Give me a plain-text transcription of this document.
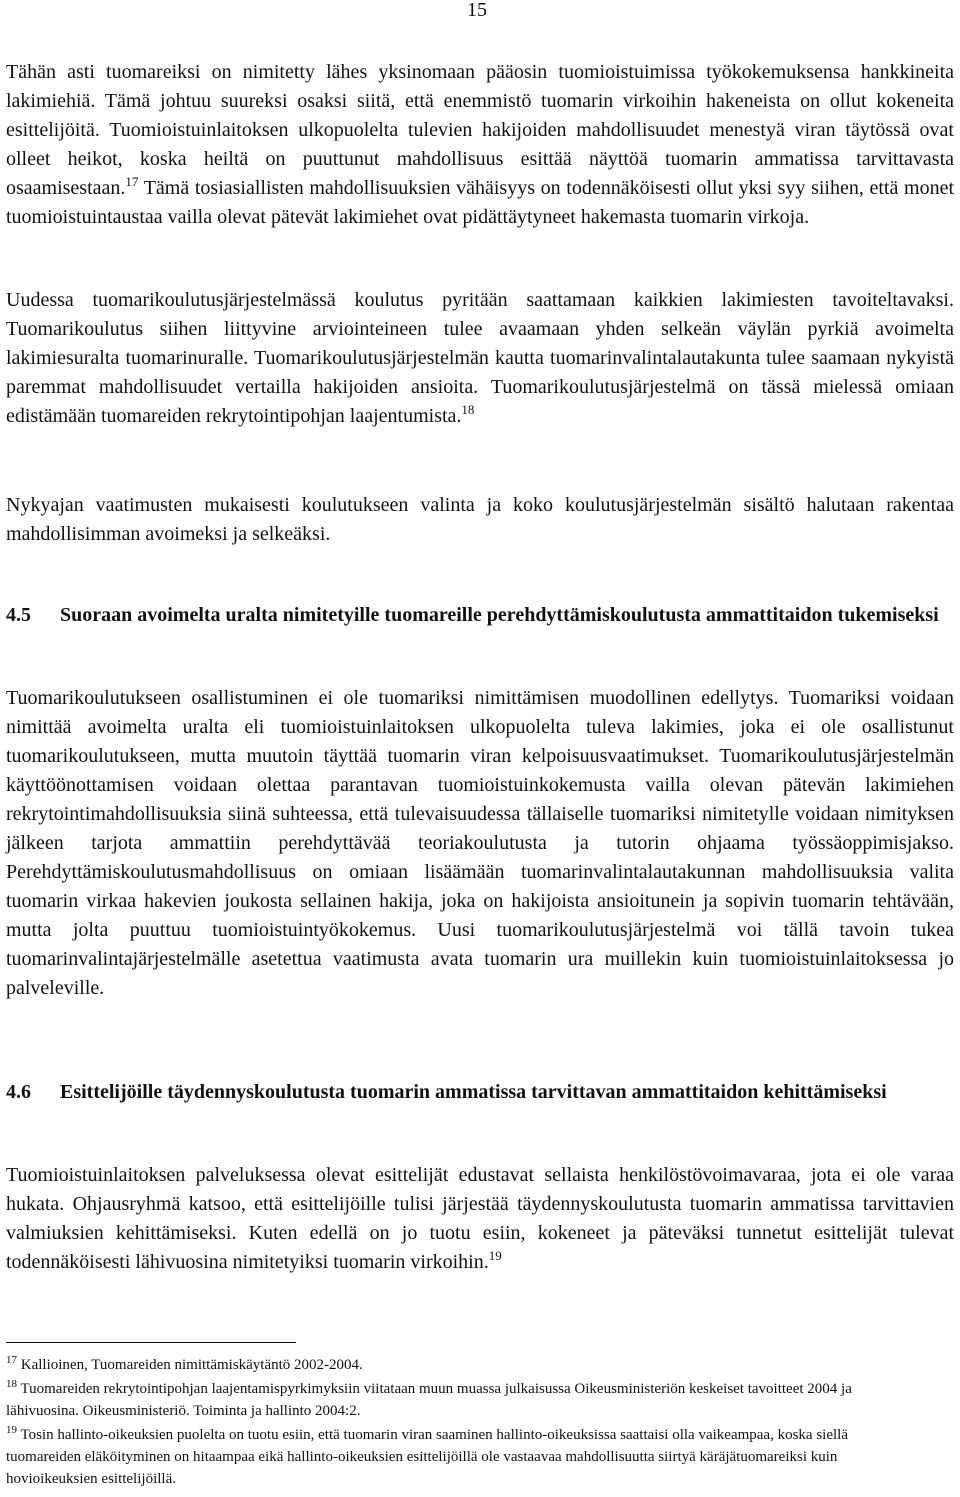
15

Tähän asti tuomareiksi on nimitetty lähes yksinomaan pääosin tuomioistuimissa työkokemuksensa hankkineita lakimiehiä. Tämä johtuu suureksi osaksi siitä, että enemmistö tuomarin virkoihin hakeneista on ollut kokeneita esittelijöitä. Tuomioistuinlaitoksen ulkopuolelta tulevien hakijoiden mahdollisuudet menestyä viran täytössä ovat olleet heikot, koska heiltä on puuttunut mahdollisuus esittää näyttöä tuomarin ammatissa tarvittavasta osaamisestaan.$^{17}$ Tämä tosiasiallisten mahdollisuuksien vähäisyys on todennäköisesti ollut yksi syy siihen, että monet tuomioistuintaustaa vailla olevat pätevät lakimiehet ovat pidättäytyneet hakemasta tuomarin virkoja.

Uudessa tuomarikoulutusjärjestelmässä koulutus pyritään saattamaan kaikkien lakimiesten tavoiteltavaksi. Tuomarikoulutus siihen liittyvine arviointeineen tulee avaamaan yhden selkeän väylän pyrkiä avoimelta lakimiesuralta tuomarinuralle. Tuomarikoulutusjärjestelmän kautta tuomarinvalintalautakunta tulee saamaan nykyistä paremmat mahdollisuudet vertailla hakijoiden ansioita. Tuomarikoulutusjärjestelmä on tässä mielessä omiaan edistämään tuomareiden rekrytointipohjan laajentumista.$^{18}$

Nykyajan vaatimusten mukaisesti koulutukseen valinta ja koko koulutusjärjestelmän sisältö halutaan rakentaa mahdollisimman avoimeksi ja selkeäksi.

4.5	Suoraan avoimelta uralta nimitetyille tuomareille perehdyttämiskoulutusta ammattitaidon tukemiseksi

Tuomarikoulutukseen osallistuminen ei ole tuomariksi nimittämisen muodollinen edellytys. Tuomariksi voidaan nimittää avoimelta uralta eli tuomioistuinlaitoksen ulkopuolelta tuleva lakimies, joka ei ole osallistunut tuomarikoulutukseen, mutta muutoin täyttää tuomarin viran kelpoisuusvaatimukset. Tuomarikoulutusjärjestelmän käyttöönottamisen voidaan olettaa parantavan tuomioistuinkokemusta vailla olevan pätevän lakimiehen rekrytointimahdollisuuksia siinä suhteessa, että tulevaisuudessa tällaiselle tuomariksi nimitetylle voidaan nimityksen jälkeen tarjota ammattiin perehdyttävää teoriakoulutusta ja tutorin ohjaama työssäoppimisjakso. Perehdyttämiskoulutusmahdollisuus on omiaan lisäämään tuomarinvalintalautakunnan mahdollisuuksia valita tuomarin virkaa hakevien joukosta sellainen hakija, joka on hakijoista ansioitunein ja sopivin tuomarin tehtävään, mutta jolta puuttuu tuomioistuintyökokemus. Uusi tuomarikoulutusjärjestelmä voi tällä tavoin tukea tuomarinvalintajärjestelmälle asetettua vaatimusta avata tuomarin ura muillekin kuin tuomioistuinlaitoksessa jo palveleville.

4.6	Esittelijöille täydennyskoulutusta tuomarin ammatissa tarvittavan ammattitaidon kehittämiseksi

Tuomioistuinlaitoksen palveluksessa olevat esittelijät edustavat sellaista henkilöstövoimavaraa, jota ei ole varaa hukata. Ohjausryhmä katsoo, että esittelijöille tulisi järjestää täydennyskoulutusta tuomarin ammatissa tarvittavien valmiuksien kehittämiseksi. Kuten edellä on jo tuotu esiin, kokeneet ja päteväksi tunnetut esittelijät tulevat todennäköisesti lähivuosina nimitetyiksi tuomarin virkoihin.$^{19}$

$^{17}$ Kallioinen, Tuomareiden nimittämiskäytäntö 2002-2004.
$^{18}$ Tuomareiden rekrytointipohjan laajentamispyrkimyksiin viitataan muun muassa julkaisussa Oikeusministeriön keskeiset tavoitteet 2004 ja lähivuosina. Oikeusministeriö. Toiminta ja hallinto 2004:2.
$^{19}$ Tosin hallinto-oikeuksien puolelta on tuotu esiin, että tuomarin viran saaminen hallinto-oikeuksissa saattaisi olla vaikeampaa, koska siellä tuomareiden eläköityminen on hitaampaa eikä hallinto-oikeuksien esittelijöillä ole vastaavaa mahdollisuutta siirtyä käräjätuomareiksi kuin hovioikeuksien esittelijöillä.
